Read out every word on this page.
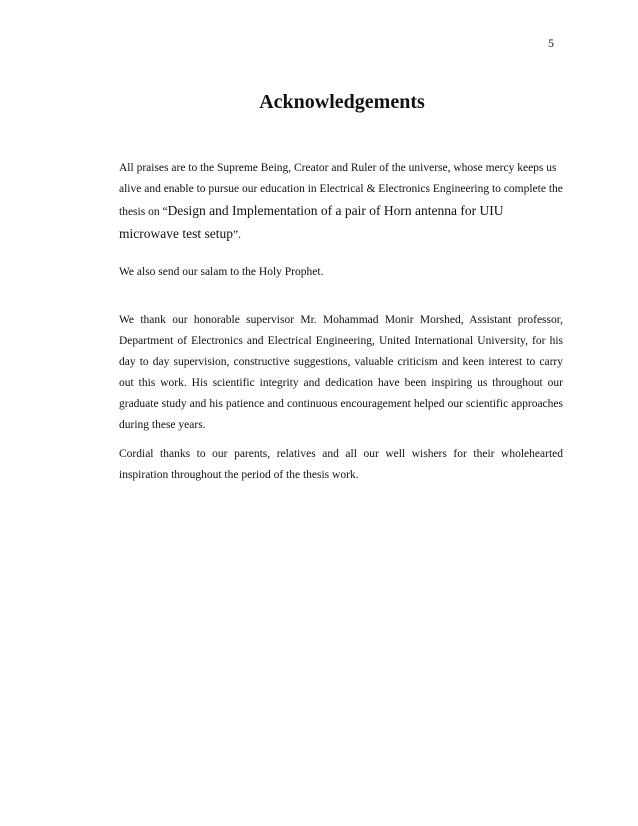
5
Acknowledgements

All praises are to the Supreme Being, Creator and Ruler of the universe, whose mercy keeps us alive and enable to pursue our education in Electrical & Electronics Engineering to complete the thesis on “Design and Implementation of a pair of Horn antenna for UIU microwave test setup”.

We also send our salam to the Holy Prophet.

We thank our honorable supervisor Mr. Mohammad Monir Morshed, Assistant professor, Department of Electronics and Electrical Engineering, United International University, for his day to day supervision, constructive suggestions, valuable criticism and keen interest to carry out this work. His scientific integrity and dedication have been inspiring us throughout our graduate study and his patience and continuous encouragement helped our scientific approaches during these years.

Cordial thanks to our parents, relatives and all our well wishers for their wholehearted inspiration throughout the period of the thesis work.
